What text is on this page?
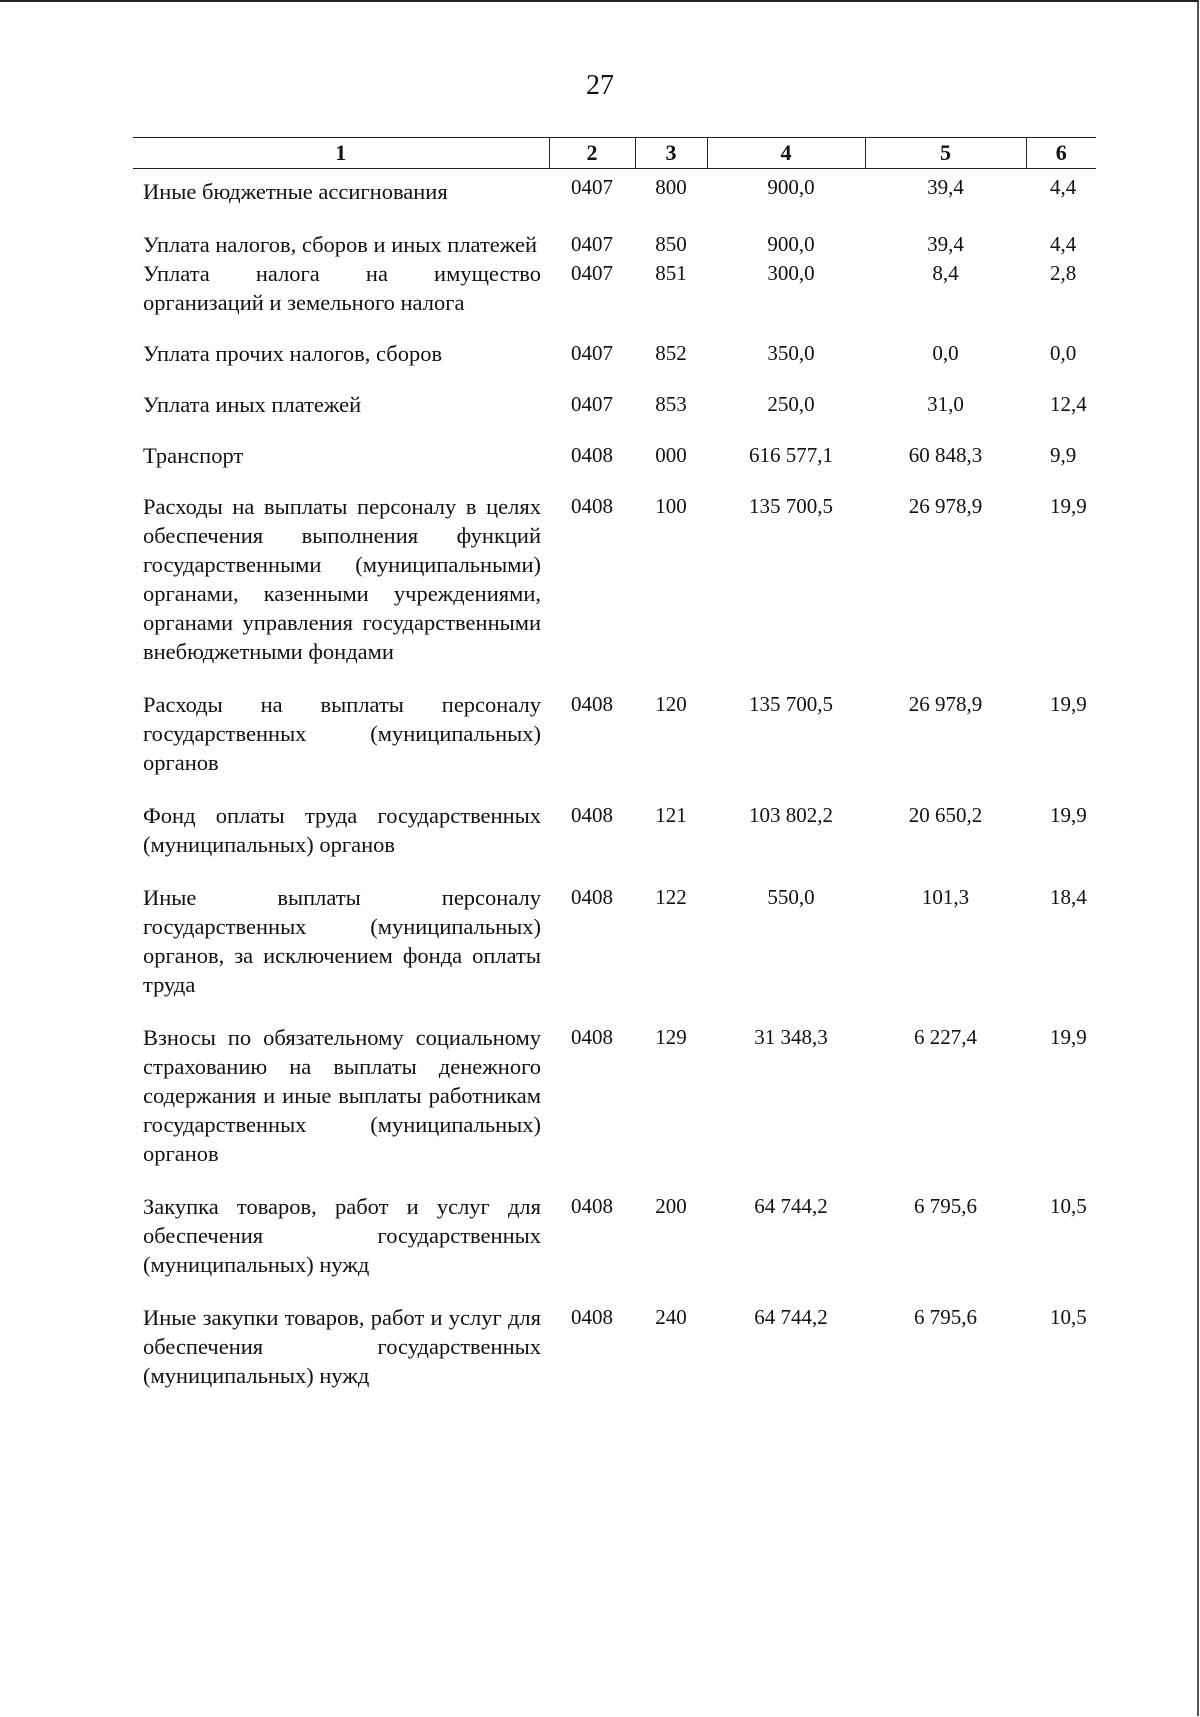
27
1	2	3	4	5	6
Иные бюджетные ассигнования	0407	800	900,0	39,4	4,4
Уплата налогов, сборов и иных платежей	0407	850	900,0	39,4	4,4
Уплата налога на имущество организаций и земельного налога	0407	851	300,0	8,4	2,8
Уплата прочих налогов, сборов	0407	852	350,0	0,0	0,0
Уплата иных платежей	0407	853	250,0	31,0	12,4
Транспорт	0408	000	616 577,1	60 848,3	9,9
Расходы на выплаты персоналу в целях обеспечения выполнения функций государственными (муниципальными) органами, казенными учреждениями, органами управления государственными внебюджетными фондами	0408	100	135 700,5	26 978,9	19,9
Расходы на выплаты персоналу государственных (муниципальных) органов	0408	120	135 700,5	26 978,9	19,9
Фонд оплаты труда государственных (муниципальных) органов	0408	121	103 802,2	20 650,2	19,9
Иные выплаты персоналу государственных (муниципальных) органов, за исключением фонда оплаты труда	0408	122	550,0	101,3	18,4
Взносы по обязательному социальному страхованию на выплаты денежного содержания и иные выплаты работникам государственных (муниципальных) органов	0408	129	31 348,3	6 227,4	19,9
Закупка товаров, работ и услуг для обеспечения государственных (муниципальных) нужд	0408	200	64 744,2	6 795,6	10,5
Иные закупки товаров, работ и услуг для обеспечения государственных (муниципальных) нужд	0408	240	64 744,2	6 795,6	10,5
